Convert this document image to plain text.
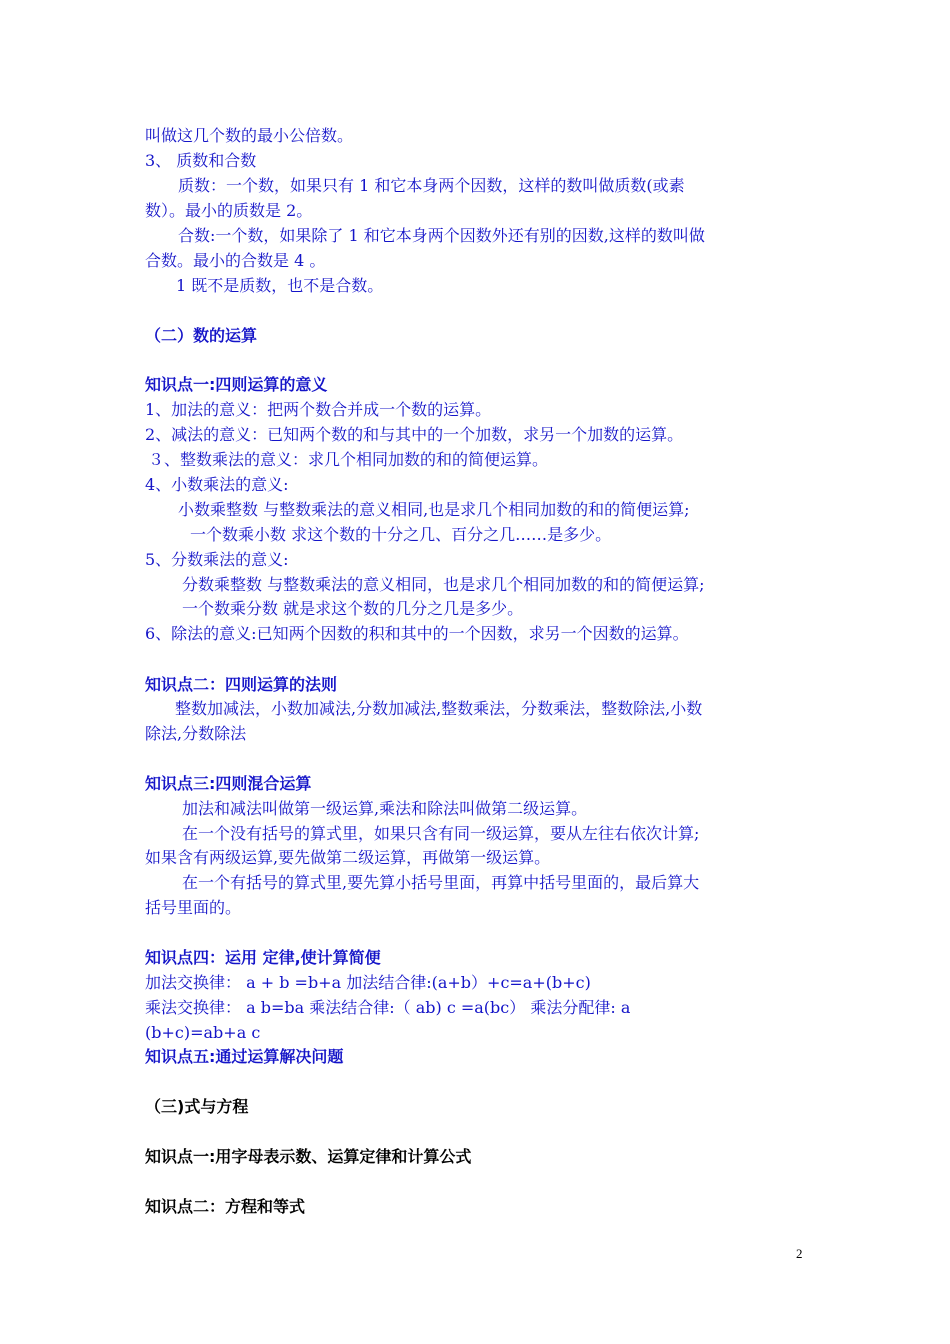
叫做这几个数的最小公倍数。
3、 质数和合数
质数：一个数，如果只有 1 和它本身两个因数，这样的数叫做质数(或素
数）。最小的质数是 2。
合数:一个数，如果除了 1 和它本身两个因数外还有别的因数,这样的数叫做
合数。最小的合数是 4 。
1 既不是质数，也不是合数。
（二）数的运算
知识点一:四则运算的意义
1、加法的意义：把两个数合并成一个数的运算。
2、减法的意义：已知两个数的和与其中的一个加数，求另一个加数的运算。
３、整数乘法的意义：求几个相同加数的和的简便运算。
4、小数乘法的意义:
小数乘整数 与整数乘法的意义相同,也是求几个相同加数的和的简便运算;
一个数乘小数 求这个数的十分之几、百分之几……是多少。
5、分数乘法的意义:
分数乘整数 与整数乘法的意义相同，也是求几个相同加数的和的简便运算;
一个数乘分数 就是求这个数的几分之几是多少。
6、除法的意义:已知两个因数的积和其中的一个因数，求另一个因数的运算。
知识点二：四则运算的法则
整数加减法，小数加减法,分数加减法,整数乘法，分数乘法，整数除法,小数
除法,分数除法
知识点三:四则混合运算
加法和减法叫做第一级运算,乘法和除法叫做第二级运算。
在一个没有括号的算式里，如果只含有同一级运算，要从左往右依次计算;
如果含有两级运算,要先做第二级运算，再做第一级运算。
在一个有括号的算式里,要先算小括号里面，再算中括号里面的，最后算大
括号里面的。
知识点四：运用 定律,使计算简便
加法交换律： a + b =b+a 加法结合律:(a+b）+c=a+(b+c)
乘法交换律： a b=ba 乘法结合律:（ ab) c =a(bc） 乘法分配律: a
(b+c)=ab+a c
知识点五:通过运算解决问题
（三)式与方程
知识点一:用字母表示数、运算定律和计算公式
知识点二：方程和等式
2
